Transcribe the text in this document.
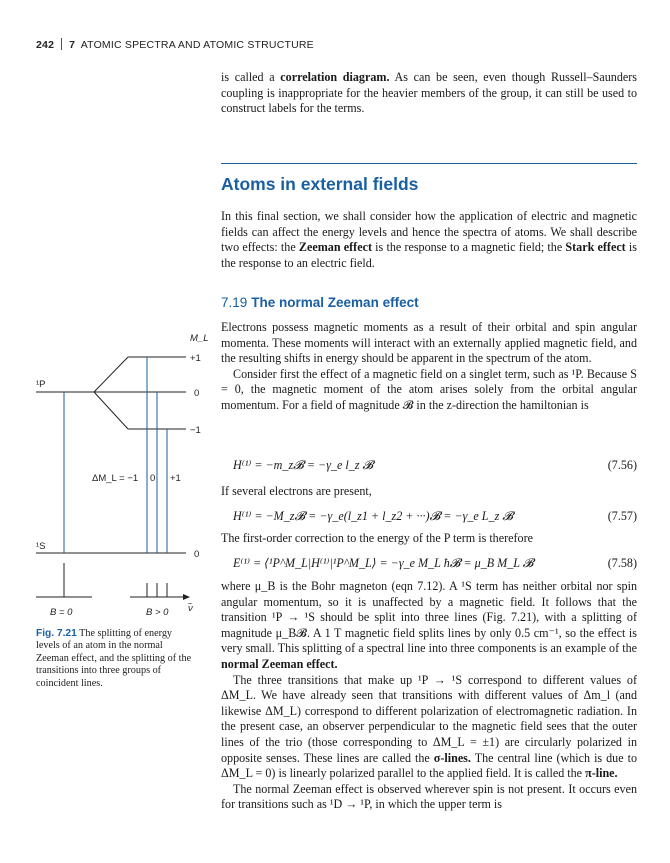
242 7 ATOMIC SPECTRA AND ATOMIC STRUCTURE

is called a correlation diagram. As can be seen, even though Russell–Saunders coupling is inappropriate for the heavier members of the group, it can still be used to construct labels for the terms.

Atoms in external fields

In this final section, we shall consider how the application of electric and magnetic fields can affect the energy levels and hence the spectra of atoms. We shall describe two effects: the Zeeman effect is the response to a magnetic field; the Stark effect is the response to an electric field.

7.19 The normal Zeeman effect

Electrons possess magnetic moments as a result of their orbital and spin angular momenta. These moments will interact with an externally applied magnetic field, and the resulting shifts in energy should be apparent in the spectrum of the atom.

Consider first the effect of a magnetic field on a singlet term, such as ¹P. Because S = 0, the magnetic moment of the atom arises solely from the orbital angular momentum. For a field of magnitude 𝓑 in the z-direction the hamiltonian is

H⁽¹⁾ = −m_z𝓑 = −γ_e l_z 𝓑	(7.56)

If several electrons are present,

H⁽¹⁾ = −M_z𝓑 = −γ_e(l_z1 + l_z2 + ···)𝓑 = −γ_e L_z 𝓑	(7.57)

The first-order correction to the energy of the P term is therefore

E⁽¹⁾ = ⟨¹P^M_L|H⁽¹⁾|¹P^M_L⟩ = −γ_e M_L ħ𝓑 = μ_B M_L 𝓑	(7.58)

where μ_B is the Bohr magneton (eqn 7.12). A ¹S term has neither orbital nor spin angular momentum, so it is unaffected by a magnetic field. It follows that the transition ¹P → ¹S should be split into three lines (Fig. 7.21), with a splitting of magnitude μ_B𝓑. A 1 T magnetic field splits lines by only 0.5 cm⁻¹, so the effect is very small. This splitting of a spectral line into three components is an example of the normal Zeeman effect.

The three transitions that make up ¹P → ¹S correspond to different values of ΔM_L. We have already seen that transitions with different values of Δm_l (and likewise ΔM_L) correspond to different polarization of electromagnetic radiation. In the present case, an observer perpendicular to the magnetic field sees that the outer lines of the trio (those corresponding to ΔM_L = ±1) are circularly polarized in opposite senses. These lines are called the σ-lines. The central line (which is due to ΔM_L = 0) is linearly polarized parallel to the applied field. It is called the π-line.

The normal Zeeman effect is observed wherever spin is not present. It occurs even for transitions such as ¹D → ¹P, in which the upper term is

M_L
+1
0
−1
¹P
¹S
0
ΔM_L = −1 0 +1
B = 0	B > 0 ν̃
Fig. 7.21 The splitting of energy levels of an atom in the normal Zeeman effect, and the splitting of the transitions into three groups of coincident lines.
